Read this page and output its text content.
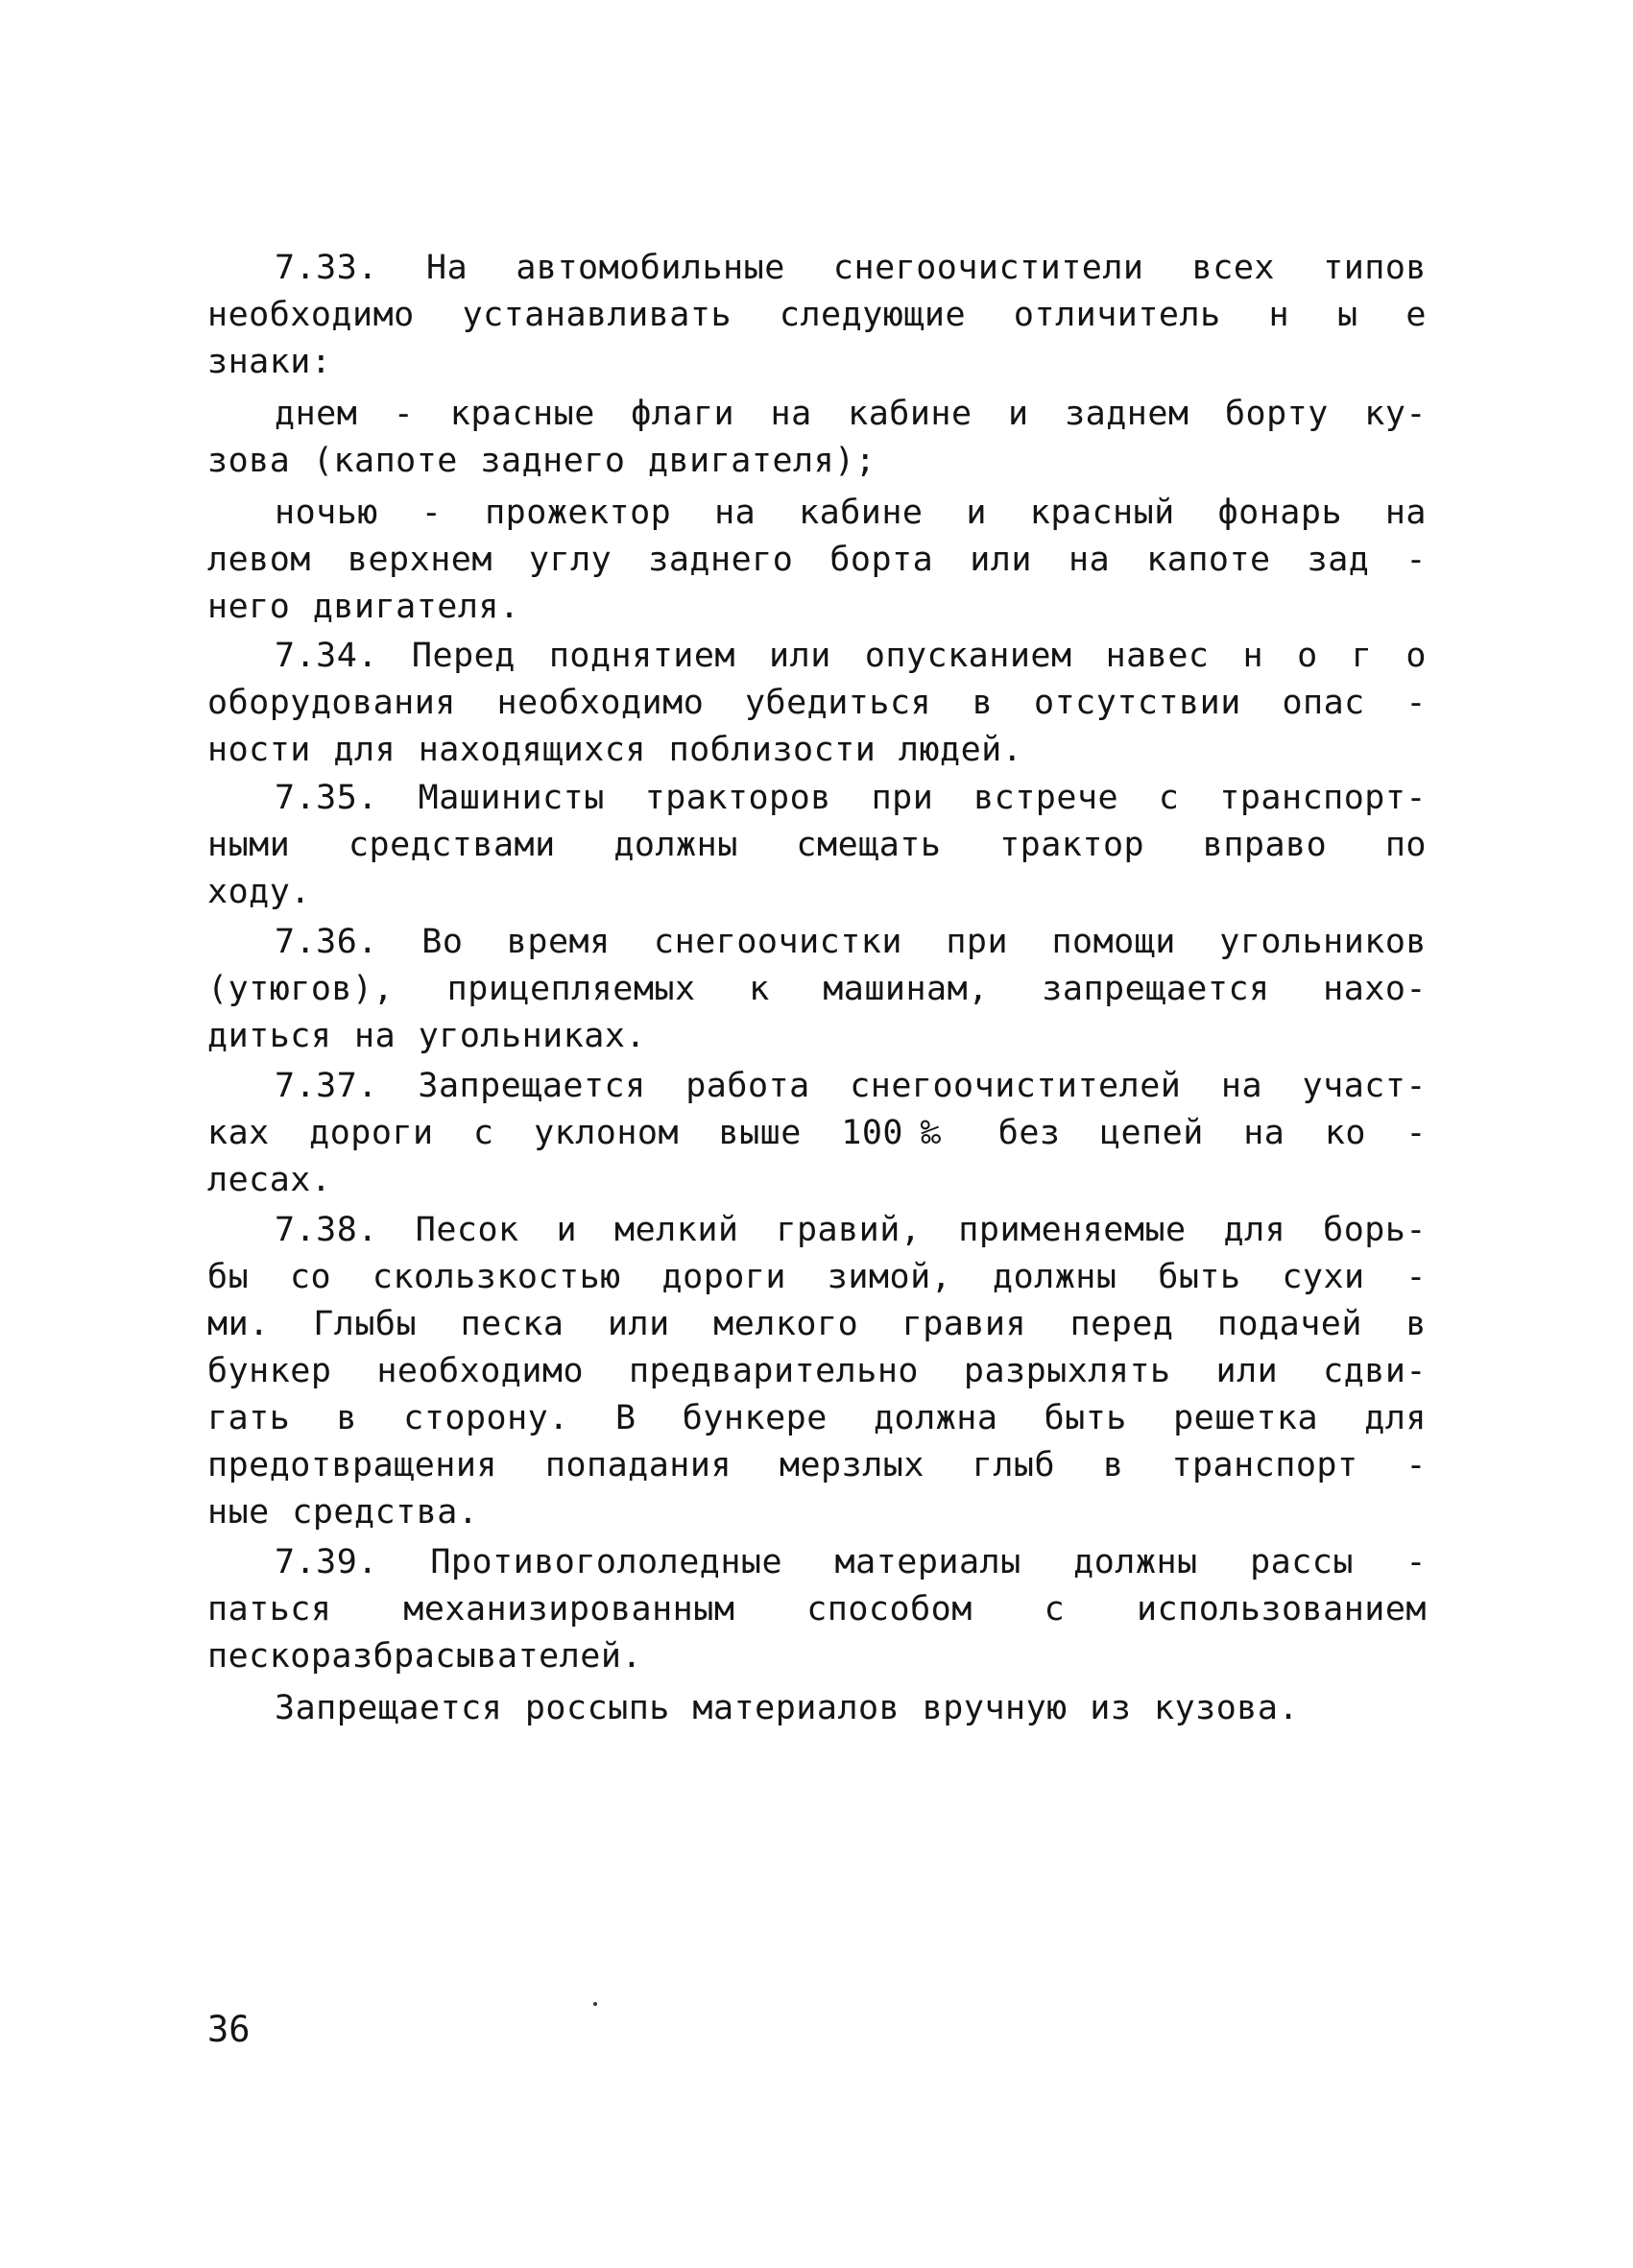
7.33. На автомобильные снегоочистители всех типов
необходимо устанавливать следующие отличитель н ы е
знаки:
днем - красные флаги на кабине и заднем борту ку-
зова (капоте заднего двигателя);
ночью - прожектор на кабине и красный фонарь на
левом верхнем углу заднего борта или на капоте зад -
него двигателя.
7.34. Перед поднятием или опусканием навес н о г о
оборудования необходимо убедиться в отсутствии опас -
ности для находящихся поблизости людей.
7.35. Машинисты тракторов при встрече с транспорт-
ными средствами должны смещать трактор вправо по
ходу.
7.36. Во время снегоочистки при помощи угольников
(утюгов), прицепляемых к машинам, запрещается нахо-
диться на угольниках.
7.37. Запрещается работа снегоочистителей на участ-
ках дороги с уклоном выше 100‰ без цепей на ко -
лесах.
7.38. Песок и мелкий гравий, применяемые для борь-
бы со скользкостью дороги зимой, должны быть сухи -
ми. Глыбы песка или мелкого гравия перед подачей в
бункер необходимо предварительно разрыхлять или сдви-
гать в сторону. В бункере должна быть решетка для
предотвращения попадания мерзлых глыб в транспорт -
ные средства.
7.39. Противогололедные материалы должны рассы -
паться механизированным способом с использованием
пескоразбрасывателей.
Запрещается россыпь материалов вручную из кузова.
36
